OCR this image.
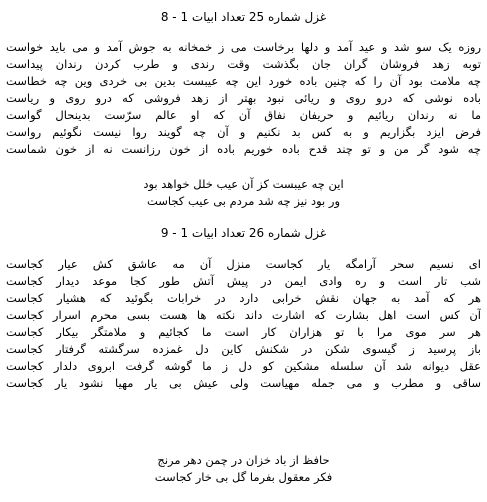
غزل شماره 25 تعداد ابیات 1 - 8
روزه یک سو شد و عید آمد و دلها برخاست می ز خمخانه به جوش آمد و می باید خواست
توبه زهد فروشان گران جان بگذشت وقت رندی و طرب کردن رندان پیداست
چه ملامت بود آن را که چنین باده خورد این چه عیبست بدین بی خردی وین چه خطاست
باده نوشی که درو روی و ریائی نبود بهتر از زهد فروشی که درو روی و ریاست
ما نه رندان ریائیم و حریفان نفاق آن که او عالم سرّست بدینحال گواست
فرض ایزد بگزاریم و به کس بد نکنیم و آن چه گویند روا نیست نگوئیم رواست
چه شود گر من و تو چند قدح باده خوریم باده از خون رزانست نه از خون شماست
این چه عیبست کز آن عیب خلل خواهد بود
ور بود نیز چه شد مردم بی عیب کجاست
غزل شماره 26 تعداد ابیات 1 - 9
ای نسیم سحر آرامگه یار کجاست منزل آن مه عاشق کش عیار کجاست
شب تار است و ره وادی ایمن در پیش آتش طور کجا موعد دیدار کجاست
هر که آمد به جهان نقش خرابی دارد در خرابات بگوئید که هشیار کجاست
آن کس است اهل بشارت که اشارت داند نکته ها هست بسی محرم اسرار کجاست
هر سر موی مرا با تو هزاران کار است ما کجائیم و ملامتگر بیکار کجاست
باز پرسید ز گیسوی شکن در شکنش کاین دل غمزده سرگشته گرفتار کجاست
عقل دیوانه شد آن سلسله مشکین کو دل ز ما گوشه گرفت ابروی دلدار کجاست
ساقی و مطرب و می جمله مهیاست ولی عیش بی یار مهیا نشود یار کجاست
حافظ از باد خزان در چمن دهر مرنج
فکر معقول بفرما گل بی خار کجاست
